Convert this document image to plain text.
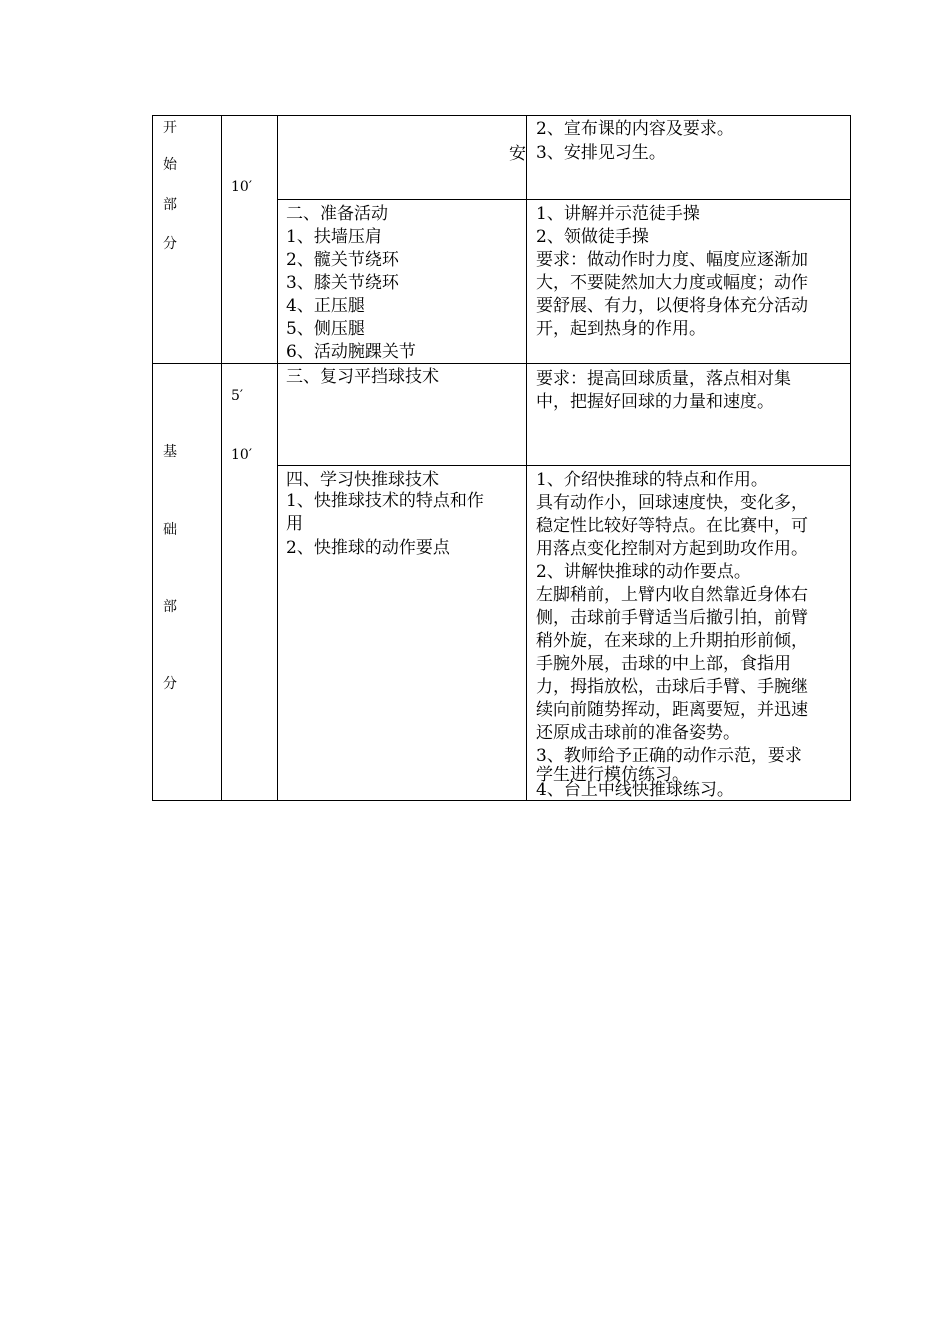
开
始
部
分
10′
基
础
部
分
5′
10′
安
2、宣布课的内容及要求。
3、安排见习生。
二、准备活动
1、扶墙压肩
2、髋关节绕环
3、膝关节绕环
4、正压腿
5、侧压腿
6、活动腕踝关节
1、讲解并示范徒手操
2、领做徒手操
要求：做动作时力度、幅度应逐渐加
大，不要陡然加大力度或幅度；动作
要舒展、有力，以便将身体充分活动
开，起到热身的作用。
三、复习平挡球技术	要求：提高回球质量，落点相对集
中，把握好回球的力量和速度。
四、学习快推球技术
1、快推球技术的特点和作
用
2、快推球的动作要点
1、介绍快推球的特点和作用。
具有动作小，回球速度快，变化多，
稳定性比较好等特点。在比赛中，可
用落点变化控制对方起到助攻作用。
2、讲解快推球的动作要点。
左脚稍前，上臂内收自然靠近身体右
侧，击球前手臂适当后撤引拍，前臂
稍外旋，在来球的上升期拍形前倾，
手腕外展，击球的中上部，食指用
力，拇指放松，击球后手臂、手腕继
续向前随势挥动，距离要短，并迅速
还原成击球前的准备姿势。
3、教师给予正确的动作示范，要求
学生进行模仿练习。
4、台上中线快推球练习。
